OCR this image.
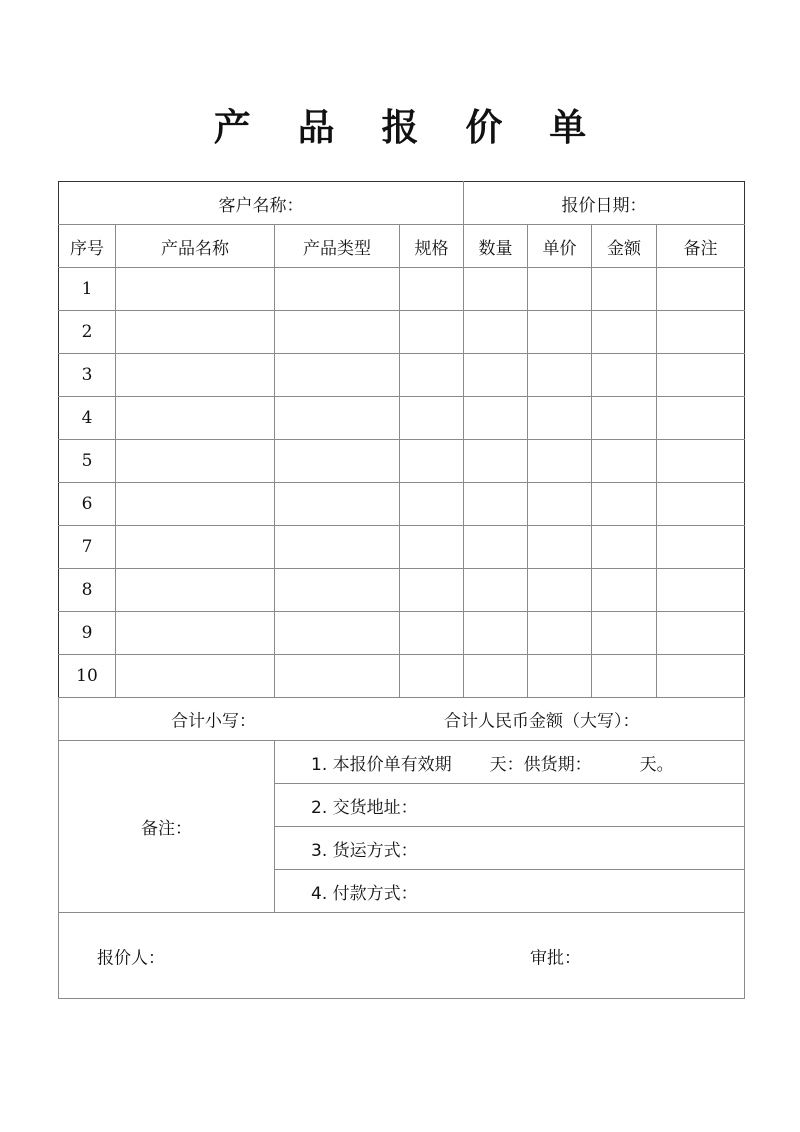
产 品 报 价 单
客户名称：				报价日期：			
序号	产品名称	产品类型	规格	数量	单价	金额	备注
1							
2							
3							
4							
5							
6							
7							
8							
9							
10							

合计小写： 合计人民币金额（大写）：							

备注：		1. 本报价单有效期 天：供货期： 天。					
		2. 交货地址：					
		3. 货运方式：					
		4. 付款方式：					

报价人： 审批：							
